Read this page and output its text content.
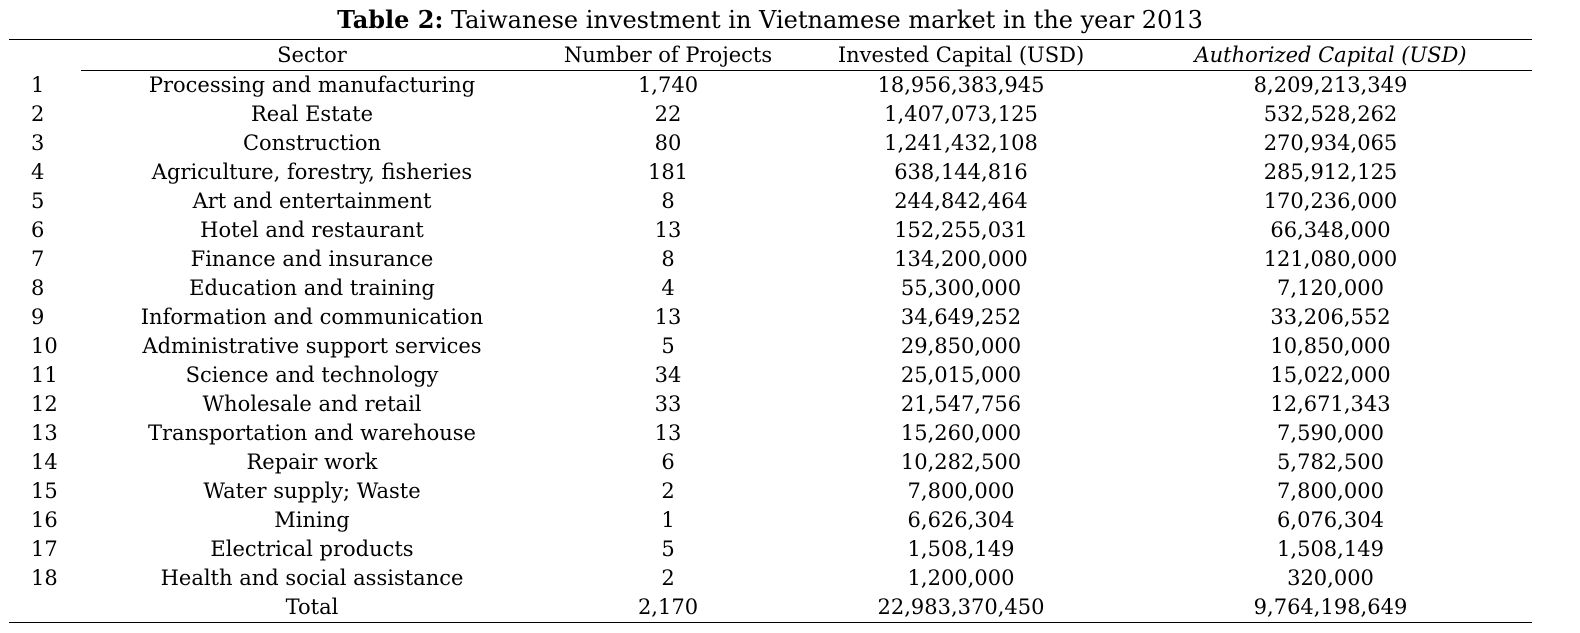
Table 2: Taiwanese investment in Vietnamese market in the year 2013
	Sector	Number of Projects	Invested Capital (USD)	Authorized Capital (USD)
1	Processing and manufacturing	1,740	18,956,383,945	8,209,213,349
2	Real Estate	22	1,407,073,125	532,528,262
3	Construction	80	1,241,432,108	270,934,065
4	Agriculture, forestry, fisheries	181	638,144,816	285,912,125
5	Art and entertainment	8	244,842,464	170,236,000
6	Hotel and restaurant	13	152,255,031	66,348,000
7	Finance and insurance	8	134,200,000	121,080,000
8	Education and training	4	55,300,000	7,120,000
9	Information and communication	13	34,649,252	33,206,552
10	Administrative support services	5	29,850,000	10,850,000
11	Science and technology	34	25,015,000	15,022,000
12	Wholesale and retail	33	21,547,756	12,671,343
13	Transportation and warehouse	13	15,260,000	7,590,000
14	Repair work	6	10,282,500	5,782,500
15	Water supply; Waste	2	7,800,000	7,800,000
16	Mining	1	6,626,304	6,076,304
17	Electrical products	5	1,508,149	1,508,149
18	Health and social assistance	2	1,200,000	320,000
	Total	2,170	22,983,370,450	9,764,198,649
